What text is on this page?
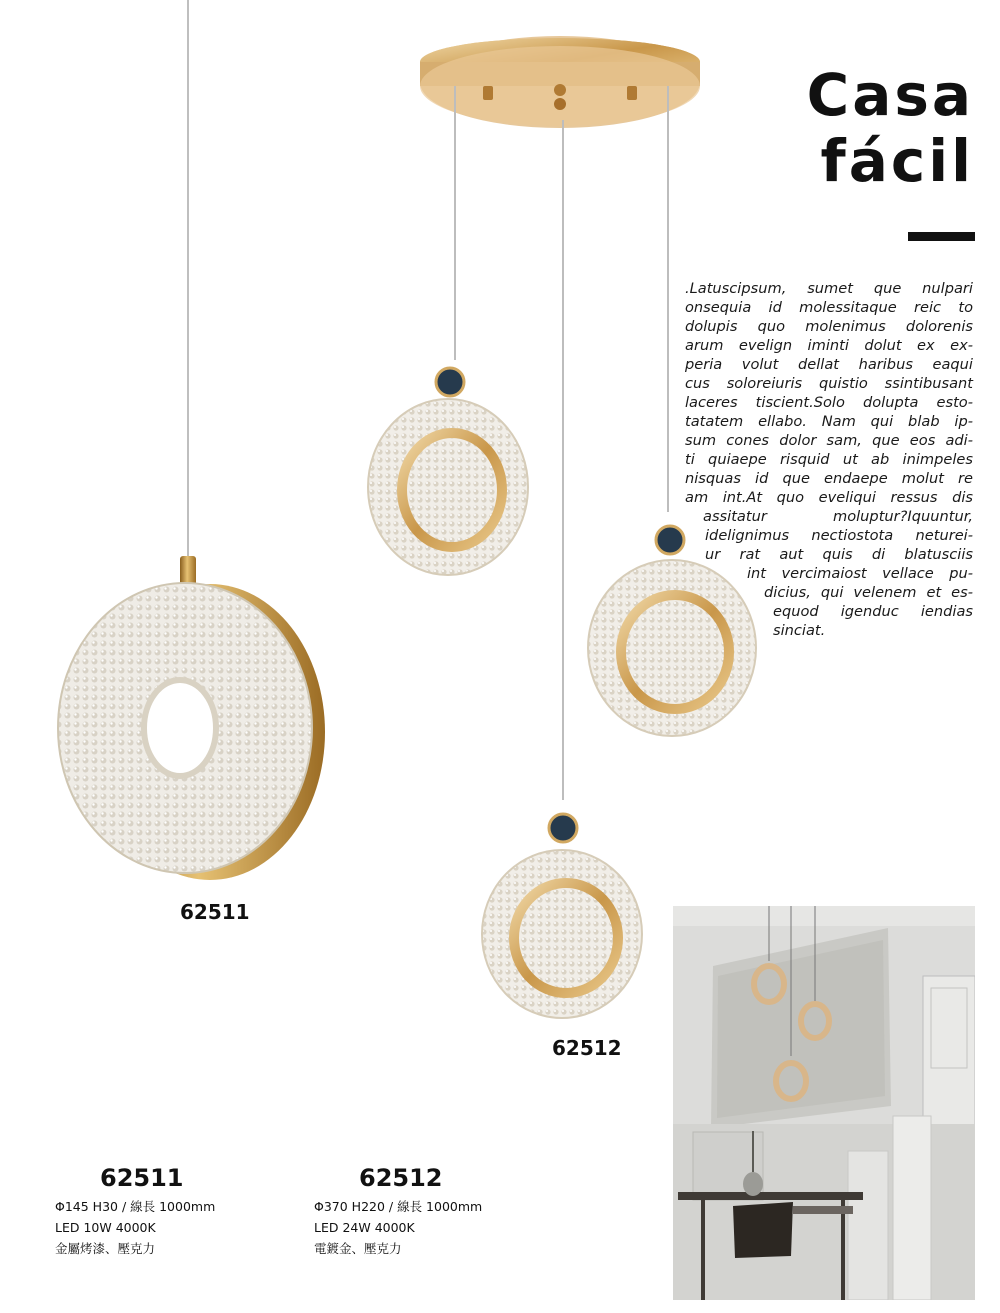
Casa
fácil
.Latuscipsum, sumet que nulpari
onsequia id molessitaque reic to
dolupis quo molenimus dolorenis
arum evelign iminti dolut ex ex-
peria volut dellat haribus eaqui
cus soloreiuris quistio ssintibusant
laceres tiscient.Solo dolupta esto-
tatatem ellabo. Nam qui blab ip-
sum cones dolor sam, que eos adi-
ti quiaepe risquid ut ab inimpeles
nisquas id que endaepe molut re
am int.At quo eveliqui ressus dis
assitatur moluptur?Iquuntur,
idelignimus nectiostota neturei-
ur rat aut quis di blatusciis
int vercimaiost vellace pu-
dicius, qui velenem et es-
equod igenduc iendias
sinciat.
62511
62512
62511
Φ145 H30 / 線長 1000mm
LED 10W 4000K
金屬烤漆、壓克力
62512
Φ370 H220 / 線長 1000mm
LED 24W 4000K
電鍍金、壓克力
